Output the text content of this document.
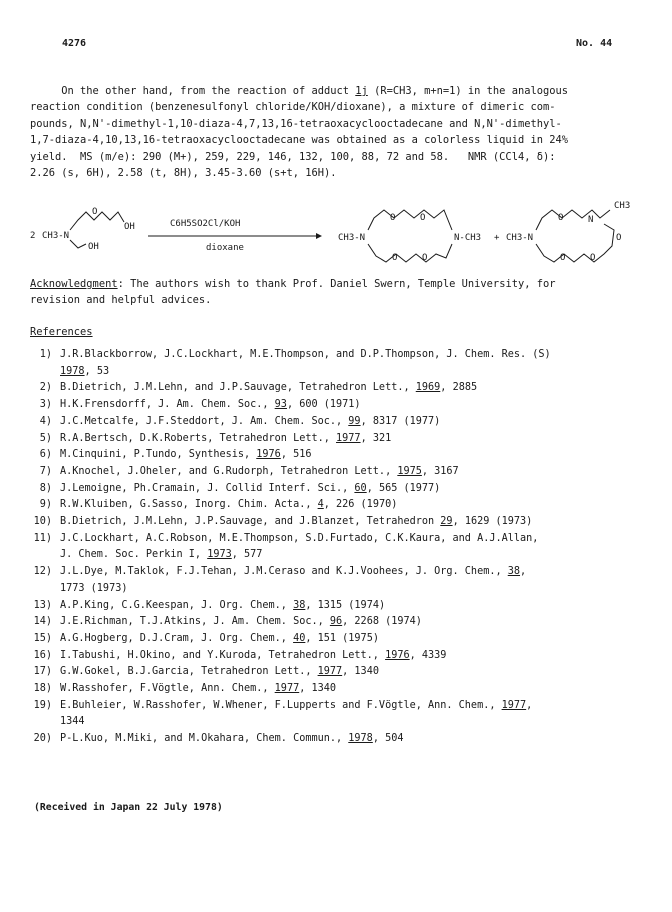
4276	No. 44
On the other hand, from the reaction of adduct 1j (R=CH3, m+n=1) in the analogous
reaction condition (benzenesulfonyl chloride/KOH/dioxane), a mixture of dimeric com-
pounds, N,N'-dimethyl-1,10-diaza-4,7,13,16-tetraoxacyclooctadecane and N,N'-dimethyl-
1,7-diaza-4,10,13,16-tetraoxacyclooctadecane was obtained as a colorless liquid in 24%
yield.  MS (m/e): 290 (M+), 259, 229, 146, 132, 100, 88, 72 and 58.   NMR (CCl4, δ):
2.26 (s, 6H), 2.58 (t, 8H), 3.45-3.60 (s+t, 16H).
2 CH3-N
O
OH
OH
C6H5SO2Cl/KOH
dioxane
CH3-N	N-CH3
O	O
O	O
+ CH3-N
CH3
O	N
O
O	O
Acknowledgment: The authors wish to thank Prof. Daniel Swern, Temple University, for
revision and helpful advices.
References
1) J.R.Blackborrow, J.C.Lockhart, M.E.Thompson, and D.P.Thompson, J. Chem. Res. (S)
1978, 53
2) B.Dietrich, J.M.Lehn, and J.P.Sauvage, Tetrahedron Lett., 1969, 2885
3) H.K.Frensdorff, J. Am. Chem. Soc., 93, 600 (1971)
4) J.C.Metcalfe, J.F.Steddort, J. Am. Chem. Soc., 99, 8317 (1977)
5) R.A.Bertsch, D.K.Roberts, Tetrahedron Lett., 1977, 321
6) M.Cinquini, P.Tundo, Synthesis, 1976, 516
7) A.Knochel, J.Oheler, and G.Rudorph, Tetrahedron Lett., 1975, 3167
8) J.Lemoigne, Ph.Cramain, J. Collid Interf. Sci., 60, 565 (1977)
9) R.W.Kluiben, G.Sasso, Inorg. Chim. Acta., 4, 226 (1970)
10) B.Dietrich, J.M.Lehn, J.P.Sauvage, and J.Blanzet, Tetrahedron 29, 1629 (1973)
11) J.C.Lockhart, A.C.Robson, M.E.Thompson, S.D.Furtado, C.K.Kaura, and A.J.Allan,
J. Chem. Soc. Perkin I, 1973, 577
12) J.L.Dye, M.Taklok, F.J.Tehan, J.M.Ceraso and K.J.Voohees, J. Org. Chem., 38,
1773 (1973)
13) A.P.King, C.G.Keespan, J. Org. Chem., 38, 1315 (1974)
14) J.E.Richman, T.J.Atkins, J. Am. Chem. Soc., 96, 2268 (1974)
15) A.G.Hogberg, D.J.Cram, J. Org. Chem., 40, 151 (1975)
16) I.Tabushi, H.Okino, and Y.Kuroda, Tetrahedron Lett., 1976, 4339
17) G.W.Gokel, B.J.Garcia, Tetrahedron Lett., 1977, 1340
18) W.Rasshofer, F.Vögtle, Ann. Chem., 1977, 1340
19) E.Buhleier, W.Rasshofer, W.Whener, F.Lupperts and F.Vögtle, Ann. Chem., 1977,
1344
20) P-L.Kuo, M.Miki, and M.Okahara, Chem. Commun., 1978, 504
(Received in Japan 22 July 1978)
